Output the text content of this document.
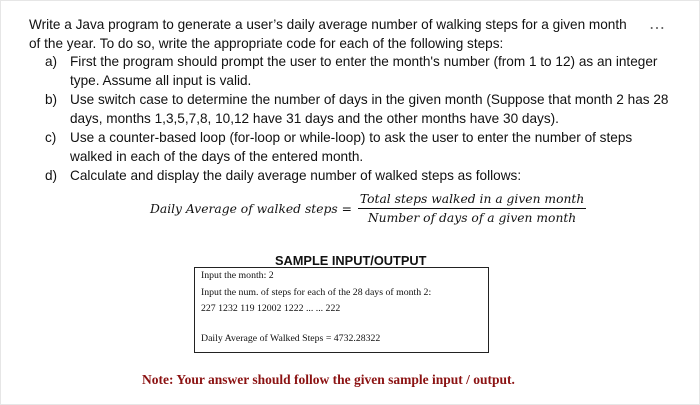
Write a Java program to generate a user’s daily average number of walking steps for a given month of the year. To do so, write the appropriate code for each of the following steps:
⋯
a) First the program should prompt the user to enter the month's number (from 1 to 12) as an integer type. Assume all input is valid.
b) Use switch case to determine the number of days in the given month (Suppose that month 2 has 28 days, months 1,3,5,7,8, 10,12 have 31 days and the other months have 30 days).
c) Use a counter-based loop (for-loop or while-loop) to ask the user to enter the number of steps walked in each of the days of the entered month.
d) Calculate and display the daily average number of walked steps as follows:
Daily Average of walked steps = $\frac{\text{Total steps walked in a given month}}{\text{Number of days of a given month}}$
SAMPLE INPUT/OUTPUT
Input the month: 2
Input the num. of steps for each of the 28 days of month 2:
227 1232 119 12002 1222 ... ... 222
Daily Average of Walked Steps = 4732.28322
Note: Your answer should follow the given sample input / output.
